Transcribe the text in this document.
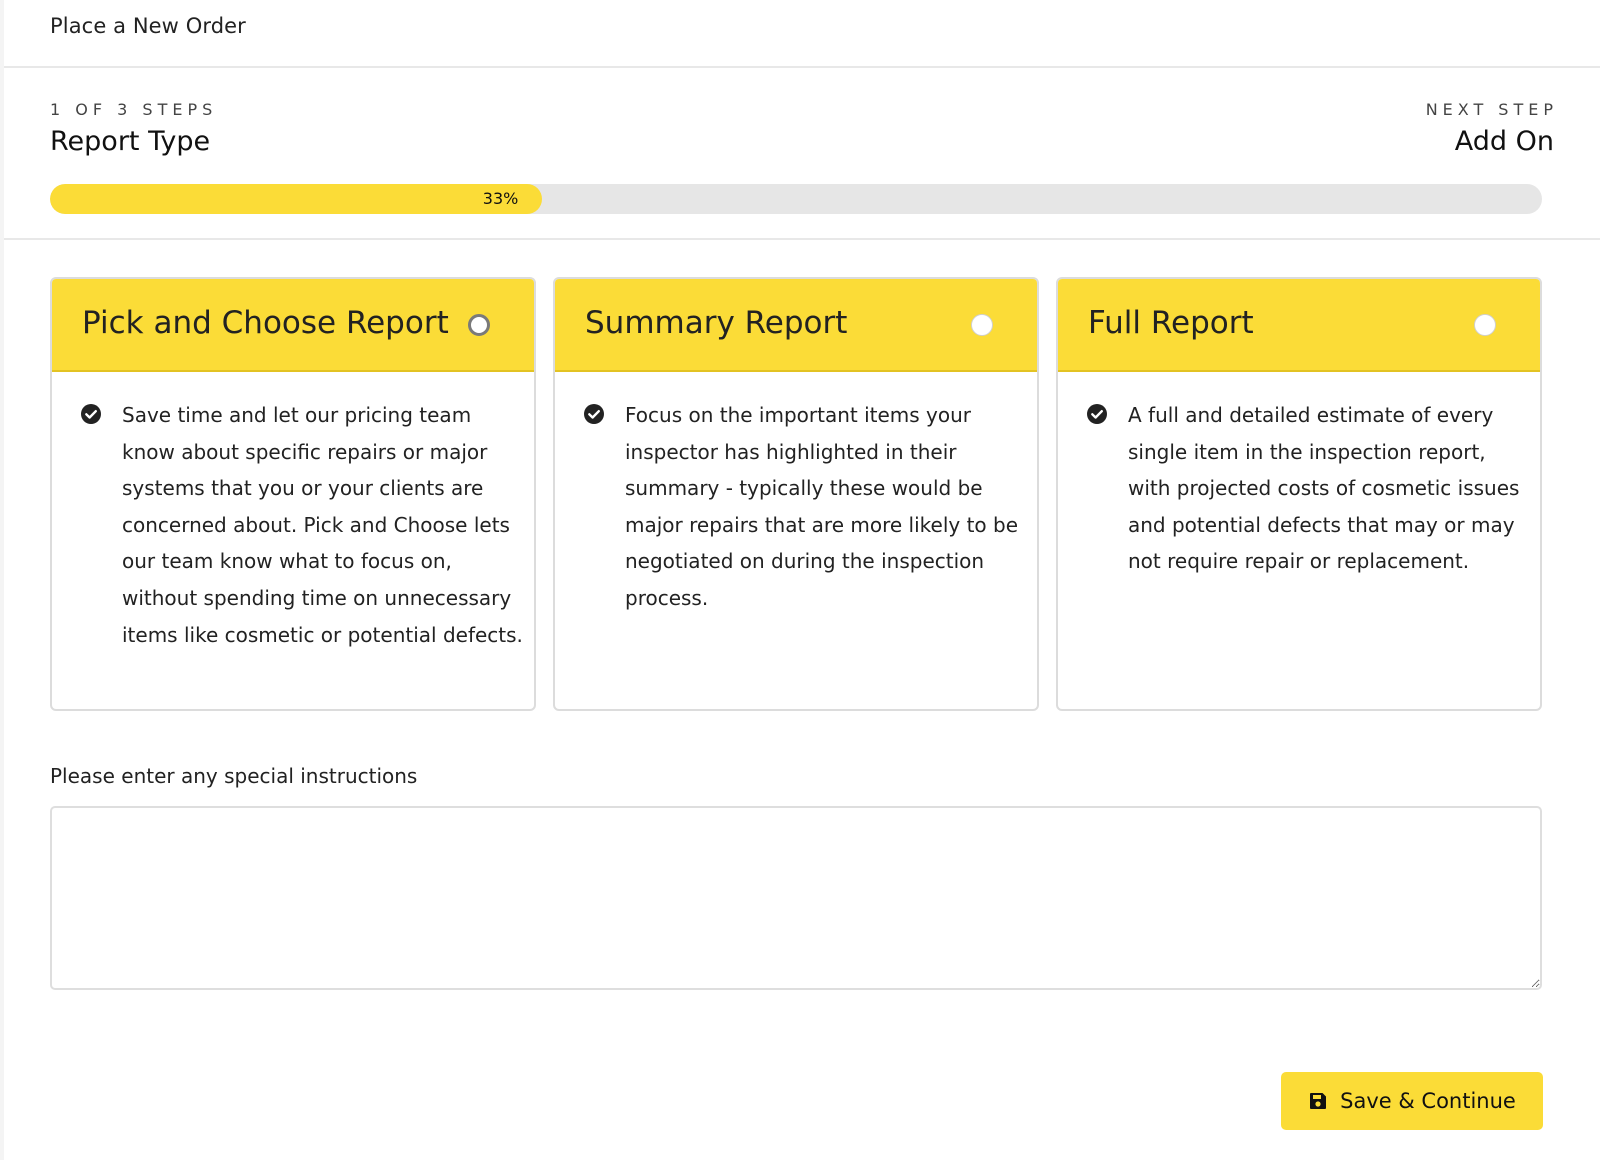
Place a New Order
1 OF 3 STEPS
Report Type
NEXT STEP
Add On
33%
Pick and Choose Report
Save time and let our pricing team know about specific repairs or major systems that you or your clients are concerned about. Pick and Choose lets our team know what to focus on, without spending time on unnecessary items like cosmetic or potential defects.
Summary Report
Focus on the important items your inspector has highlighted in their summary - typically these would be major repairs that are more likely to be negotiated on during the inspection process.
Full Report
A full and detailed estimate of every single item in the inspection report, with projected costs of cosmetic issues and potential defects that may or may not require repair or replacement.
Please enter any special instructions
Save & Continue
